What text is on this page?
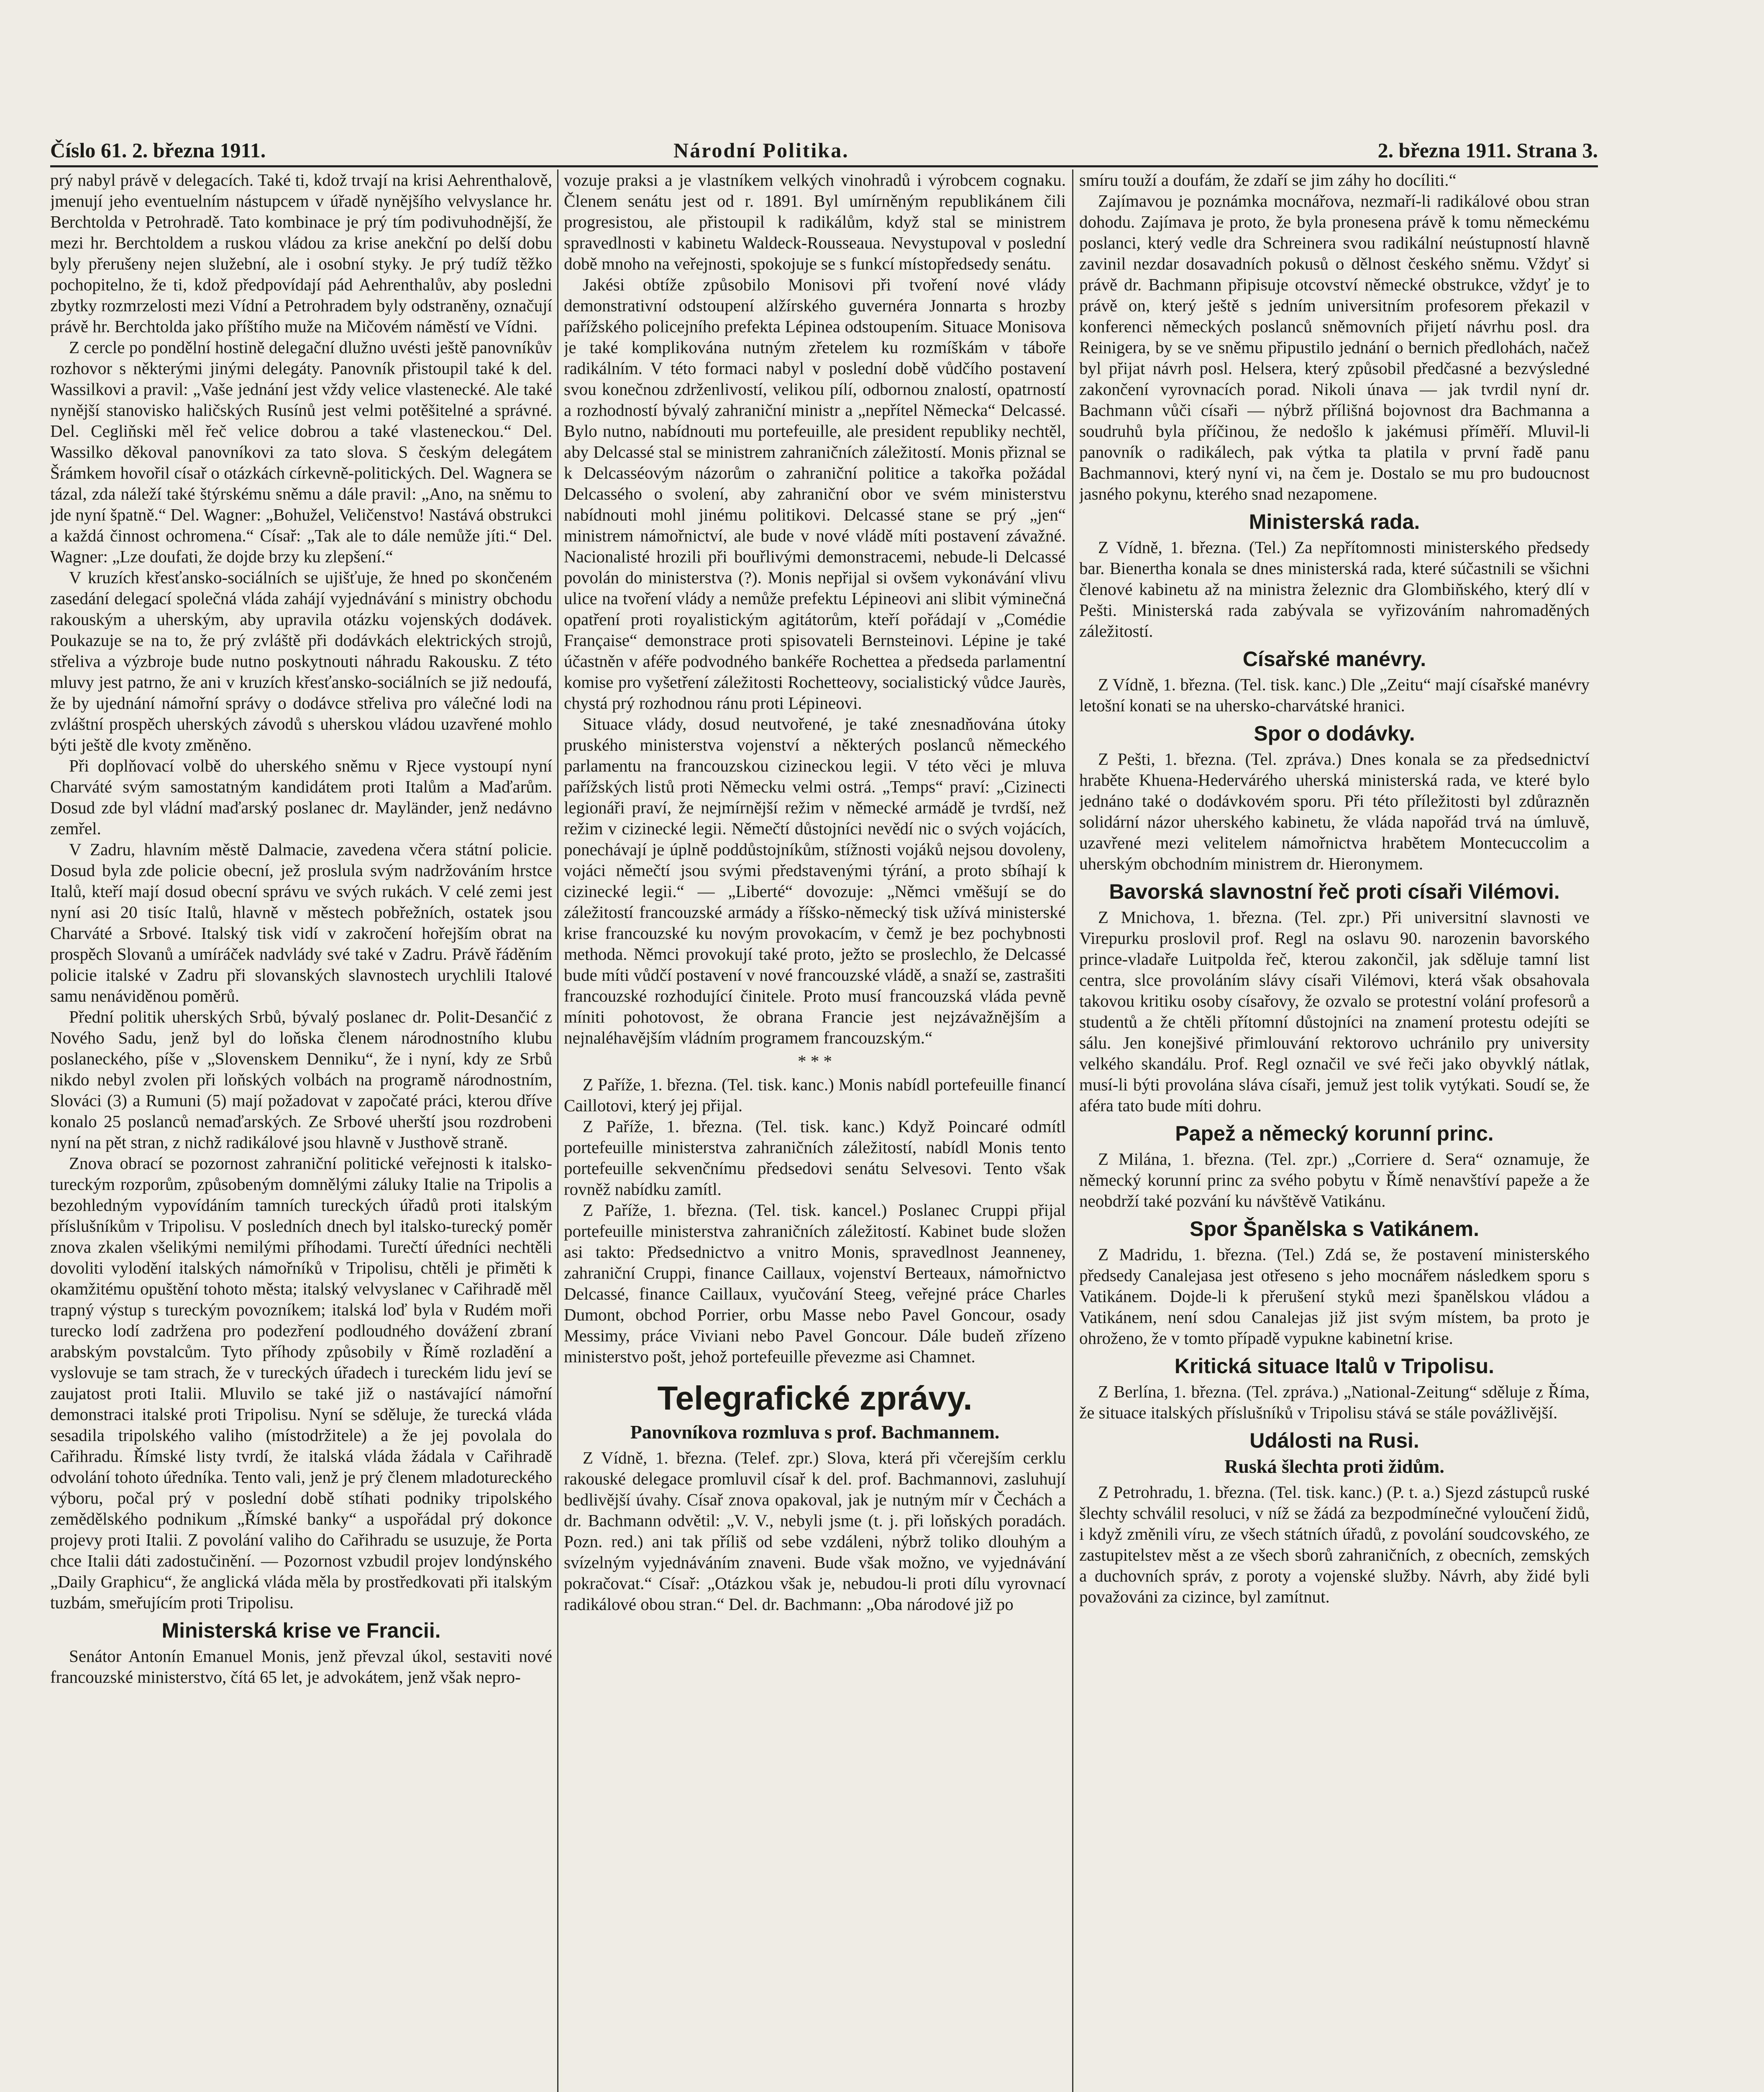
Číslo 61. 2. března 1911.	Národní Politika.	2. března 1911. Strana 3.

prý nabyl právě v delegacích. Také ti, kdož trvají na krisi Aehrenthalově, jmenují jeho eventuelním nástupcem v úřadě nynějšího velvyslance hr. Berchtolda v Petrohradě. Tato kombinace je prý tím podivuhodnější, že mezi hr. Berchtoldem a ruskou vládou za krise anekční po delší dobu byly přerušeny nejen služební, ale i osobní styky. Je prý tudíž těžko pochopitelno, že ti, kdož předpovídají pád Aehrenthalův, aby posledni zbytky rozmrzelosti mezi Vídní a Petrohradem byly odstraněny, označují právě hr. Berchtolda jako příštího muže na Mičovém náměstí ve Vídni.

Z cercle po pondělní hostině delegační dlužno uvésti ještě panovníkův rozhovor s některými jinými delegáty. Panovník přistoupil také k del. Wassilkovi a pravil: „Vaše jednání jest vždy velice vlastenecké. Ale také nynější stanovisko haličských Rusínů jest velmi potěšitelné a správné. Del. Cegliňski měl řeč velice dobrou a také vlasteneckou.“ Del. Wassilko děkoval panovníkovi za tato slova. S českým delegátem Šrámkem hovořil císař o otázkách církevně-politických. Del. Wagnera se tázal, zda náleží také štýrskému sněmu a dále pravil: „Ano, na sněmu to jde nyní špatně.“ Del. Wagner: „Bohužel, Veličenstvo! Nastává obstrukci a každá činnost ochromena.“ Císař: „Tak ale to dále nemůže jíti.“ Del. Wagner: „Lze doufati, že dojde brzy ku zlepšení.“

V kruzích křesťansko-sociálních se ujišťuje, že hned po skončeném zasedání delegací společná vláda zahájí vyjednávání s ministry obchodu rakouským a uherským, aby upravila otázku vojenských dodávek. Poukazuje se na to, že prý zvláště při dodávkách elektrických strojů, střeliva a výzbroje bude nutno poskytnouti náhradu Rakousku. Z této mluvy jest patrno, že ani v kruzích křesťansko-sociálních se již nedoufá, že by ujednání námořní správy o dodávce střeliva pro válečné lodi na zvláštní prospěch uherských závodů s uherskou vládou uzavřené mohlo býti ještě dle kvoty změněno.

Při doplňovací volbě do uherského sněmu v Rjece vystoupí nyní Charváté svým samostatným kandidátem proti Italům a Maďarům. Dosud zde byl vládní maďarský poslanec dr. Mayländer, jenž nedávno zemřel.

V Zadru, hlavním městě Dalmacie, zavedena včera státní policie. Dosud byla zde policie obecní, jež proslula svým nadržováním hrstce Italů, kteří mají dosud obecní správu ve svých rukách. V celé zemi jest nyní asi 20 tisíc Italů, hlavně v městech pobřežních, ostatek jsou Charváté a Srbové. Italský tisk vidí v zakročení hořejším obrat na prospěch Slovanů a umíráček nadvlády své také v Zadru. Právě řáděním policie italské v Zadru při slovanských slavnostech urychlili Italové samu nenáviděnou poměrů.

Přední politik uherských Srbů, bývalý poslanec dr. Polit-Desančić z Nového Sadu, jenž byl do loňska členem národnostního klubu poslaneckého, píše v „Slovenskem Denniku“, že i nyní, kdy ze Srbů nikdo nebyl zvolen při loňských volbách na programě národnostním, Slováci (3) a Rumuni (5) mají požadovat v započaté práci, kterou dříve konalo 25 poslanců nemaďarských. Ze Srbové uherští jsou rozdrobeni nyní na pět stran, z nichž radikálové jsou hlavně v Justhově straně.

Znova obrací se pozornost zahraniční politické veřejnosti k italsko-tureckým rozporům, způsobeným domnělými záluky Italie na Tripolis a bezohledným vypovídáním tamních tureckých úřadů proti italským příslušníkům v Tripolisu. V posledních dnech byl italsko-turecký poměr znova zkalen všelikými nemilými příhodami. Turečtí úředníci nechtěli dovoliti vylodění italských námořníků v Tripolisu, chtěli je přiměti k okamžitému opuštění tohoto města; italský velvyslanec v Cařihradě měl trapný výstup s tureckým povozníkem; italská loď byla v Rudém moři turecko lodí zadržena pro podezření podloudného dovážení zbraní arabským povstalcům. Tyto příhody způsobily v Římě rozladění a vyslovuje se tam strach, že v tureckých úřadech i tureckém lidu jeví se zaujatost proti Italii. Mluvilo se také již o nastávající námořní demonstraci italské proti Tripolisu. Nyní se sděluje, že turecká vláda sesadila tripolského valiho (místodržitele) a že jej povolala do Cařihradu. Římské listy tvrdí, že italská vláda žádala v Cařihradě odvolání tohoto úředníka. Tento vali, jenž je prý členem mladotureckého výboru, počal prý v poslední době stíhati podniky tripolského zemědělského podnikum „Římské banky“ a uspořádal prý dokonce projevy proti Italii. Z povolání valiho do Cařihradu se usuzuje, že Porta chce Italii dáti zadostučinění. — Pozornost vzbudil projev londýnského „Daily Graphicu“, že anglická vláda měla by prostředkovati při italským tuzbám, smeřujícím proti Tripolisu.

Ministerská krise ve Francii.

Senátor Antonín Emanuel Monis, jenž převzal úkol, sestaviti nové francouzské ministerstvo, čítá 65 let, je advokátem, jenž však nepro-

vozuje praksi a je vlastníkem velkých vinohradů i výrobcem cognaku. Členem senátu jest od r. 1891. Byl umírněným republikánem čili progresistou, ale přistoupil k radikálům, když stal se ministrem spravedlnosti v kabinetu Waldeck-Rousseaua. Nevystupoval v poslední době mnoho na veřejnosti, spokojuje se s funkcí místopředsedy senátu.

Jakési obtíže způsobilo Monisovi při tvoření nové vlády demonstrativní odstoupení alžírského guvernéra Jonnarta s hrozby pařížského policejního prefekta Lépinea odstoupením. Situace Monisova je také komplikována nutným zřetelem ku rozmíškám v táboře radikálním. V této formaci nabyl v poslední době vůdčího postavení svou konečnou zdrženlivostí, velikou pílí, odbornou znalostí, opatrností a rozhodností bývalý zahraniční ministr a „nepřítel Německa“ Delcassé. Bylo nutno, nabídnouti mu portefeuille, ale president republiky nechtěl, aby Delcassé stal se ministrem zahraničních záležitostí. Monis přiznal se k Delcasséovým názorům o zahraniční politice a takořka požádal Delcassého o svolení, aby zahraniční obor ve svém ministerstvu nabídnouti mohl jinému politikovi. Delcassé stane se prý „jen“ ministrem námořnictví, ale bude v nové vládě míti postavení závažné. Nacionalisté hrozili při bouřlivými demonstracemi, nebude-li Delcassé povolán do ministerstva (?). Monis nepřijal si ovšem vykonávání vlivu ulice na tvoření vlády a nemůže prefektu Lépineovi ani slibit výminečná opatření proti royalistickým agitátorům, kteří pořádají v „Comédie Française“ demonstrace proti spisovateli Bernsteinovi. Lépine je také účastněn v aféře podvodného bankéře Rochettea a předseda parlamentní komise pro vyšetření záležitosti Rochetteovy, socialistický vůdce Jaurès, chystá prý rozhodnou ránu proti Lépineovi.

Situace vlády, dosud neutvořené, je také znesnadňována útoky pruského ministerstva vojenství a některých poslanců německého parlamentu na francouzskou cizineckou legii. V této věci je mluva pařížských listů proti Německu velmi ostrá. „Temps“ praví: „Cizinecti legionáři praví, že nejmírnější režim v německé armádě je tvrdší, než režim v cizinecké legii. Němečtí důstojníci nevědí nic o svých vojácích, ponechávají je úplně poddůstojníkům, stížnosti vojáků nejsou dovoleny, vojáci němečtí jsou svými představenými týrání, a proto sbíhají k cizinecké legii.“ — „Liberté“ dovozuje: „Němci vměšují se do záležitostí francouzské armády a říšsko-německý tisk užívá ministerské krise francouzské ku novým provokacím, v čemž je bez pochybnosti methoda. Němci provokují také proto, ježto se proslechlo, že Delcassé bude míti vůdčí postavení v nové francouzské vládě, a snaží se, zastrašiti francouzské rozhodující činitele. Proto musí francouzská vláda pevně míniti pohotovost, že obrana Francie jest nejzávažnějším a nejnaléhavějším vládním programem francouzským.“

* * *

Z Paříže, 1. března. (Tel. tisk. kanc.) Monis nabídl portefeuille financí Caillotovi, který jej přijal.

Z Paříže, 1. března. (Tel. tisk. kanc.) Když Poincaré odmítl portefeuille ministerstva zahraničních záležitostí, nabídl Monis tento portefeuille sekvenčnímu předsedovi senátu Selvesovi. Tento však rovněž nabídku zamítl.

Z Paříže, 1. března. (Tel. tisk. kancel.) Poslanec Cruppi přijal portefeuille ministerstva zahraničních záležitostí. Kabinet bude složen asi takto: Předsednictvo a vnitro Monis, spravedlnost Jeanneney, zahraniční Cruppi, finance Caillaux, vojenství Berteaux, námořnictvo Delcassé, finance Caillaux, vyučování Steeg, veřejné práce Charles Dumont, obchod Porrier, orbu Masse nebo Pavel Goncour, osady Messimy, práce Viviani nebo Pavel Goncour. Dále budeň zřízeno ministerstvo pošt, jehož portefeuille převezme asi Chamnet.

Telegrafické zprávy.
Panovníkova rozmluva s prof. Bachmannem.

Z Vídně, 1. března. (Telef. zpr.) Slova, která při včerejším cerklu rakouské delegace promluvil císař k del. prof. Bachmannovi, zasluhují bedlivější úvahy. Císař znova opakoval, jak je nutným mír v Čechách a dr. Bachmann odvětil: „V. V., nebyli jsme (t. j. při loňských poradách. Pozn. red.) ani tak příliš od sebe vzdáleni, nýbrž toliko dlouhým a svízelným vyjednáváním znaveni. Bude však možno, ve vyjednávání pokračovat.“ Císař: „Otázkou však je, nebudou-li proti dílu vyrovnací radikálové obou stran.“ Del. dr. Bachmann: „Oba národové již po

smíru touží a doufám, že zdaří se jim záhy ho docíliti.“

Zajímavou je poznámka mocnářova, nezmaří-li radikálové obou stran dohodu. Zajímava je proto, že byla pronesena právě k tomu německému poslanci, který vedle dra Schreinera svou radikální neústupností hlavně zavinil nezdar dosavadních pokusů o dělnost českého sněmu. Vždyť si právě dr. Bachmann připisuje otcovství německé obstrukce, vždyť je to právě on, který ještě s jedním universitním profesorem překazil v konferenci německých poslanců sněmovních přijetí návrhu posl. dra Reinigera, by se ve sněmu připustilo jednání o bernich předlohách, načež byl přijat návrh posl. Helsera, který způsobil předčasné a bezvýsledné zakončení vyrovnacích porad. Nikoli únava — jak tvrdil nyní dr. Bachmann vůči císaři — nýbrž přílišná bojovnost dra Bachmanna a soudruhů byla příčinou, že nedošlo k jakémusi příměří. Mluvil-li panovník o radikálech, pak výtka ta platila v první řadě panu Bachmannovi, který nyní vi, na čem je. Dostalo se mu pro budoucnost jasného pokynu, kterého snad nezapomene.

Ministerská rada.

Z Vídně, 1. března. (Tel.) Za nepřítomnosti ministerského předsedy bar. Bienertha konala se dnes ministerská rada, které súčastnili se všichni členové kabinetu až na ministra železnic dra Glombiňského, který dlí v Pešti. Ministerská rada zabývala se vyřizováním nahromaděných záležitostí.

Císařské manévry.

Z Vídně, 1. března. (Tel. tisk. kanc.) Dle „Zeitu“ mají císařské manévry letošní konati se na uhersko-charvátské hranici.

Spor o dodávky.

Z Pešti, 1. března. (Tel. zpráva.) Dnes konala se za předsednictví hraběte Khuena-Hedervárého uherská ministerská rada, ve které bylo jednáno také o dodávkovém sporu. Při této příležitosti byl zdůrazněn solidární názor uherského kabinetu, že vláda napořád trvá na úmluvě, uzavřené mezi velitelem námořnictva hrabětem Montecuccolim a uherským obchodním ministrem dr. Hieronymem.

Bavorská slavnostní řeč proti císaři Vilémovi.

Z Mnichova, 1. března. (Tel. zpr.) Při universitní slavnosti ve Virepurku proslovil prof. Regl na oslavu 90. narozenin bavorského prince-vladaře Luitpolda řeč, kterou zakončil, jak sděluje tamní list centra, slce provoláním slávy císaři Vilémovi, která však obsahovala takovou kritiku osoby císařovy, že ozvalo se protestní volání profesorů a studentů a že chtěli přítomní důstojníci na znamení protestu odejíti se sálu. Jen konejšivé přimlouvání rektorovo uchránilo pry university velkého skandálu. Prof. Regl označil ve své řeči jako obyvklý nátlak, musí-li býti provolána sláva císaři, jemuž jest tolik vytýkati. Soudí se, že aféra tato bude míti dohru.

Papež a německý korunní princ.

Z Milána, 1. března. (Tel. zpr.) „Corriere d. Sera“ oznamuje, že německý korunní princ za svého pobytu v Římě nenavštíví papeže a že neobdrží také pozvání ku návštěvě Vatikánu.

Spor Španělska s Vatikánem.

Z Madridu, 1. března. (Tel.) Zdá se, že postavení ministerského předsedy Canalejasa jest otřeseno s jeho mocnářem následkem sporu s Vatikánem. Dojde-li k přerušení styků mezi španělskou vládou a Vatikánem, není sdou Canalejas již jist svým místem, ba proto je ohroženo, že v tomto případě vypukne kabinetní krise.

Kritická situace Italů v Tripolisu.

Z Berlína, 1. března. (Tel. zpráva.) „National-Zeitung“ sděluje z Říma, že situace italských příslušníků v Tripolisu stává se stále povážlivější.

Události na Rusi.
Ruská šlechta proti židům.

Z Petrohradu, 1. března. (Tel. tisk. kanc.) (P. t. a.) Sjezd zástupců ruské šlechty schválil resoluci, v níž se žádá za bezpodmínečné vyloučení židů, i když změnili víru, ze všech státních úřadů, z povolání soudcovského, ze zastupitelstev měst a ze všech sborů zahraničních, z obecních, zemských a duchovních správ, z poroty a vojenské služby. Návrh, aby židé byli považováni za cizince, byl zamítnut.
